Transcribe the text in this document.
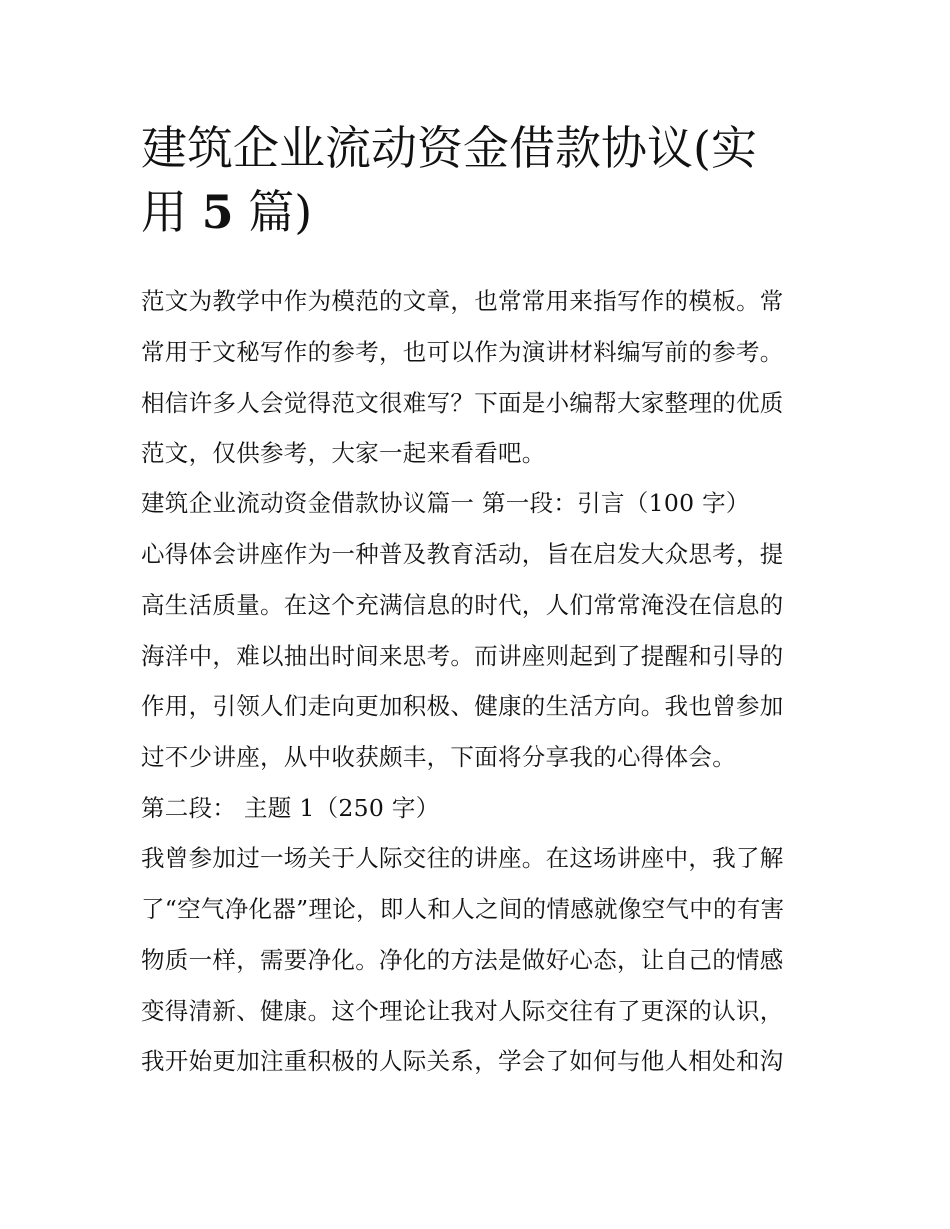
建筑企业流动资金借款协议(实
用 5 篇)
范文为教学中作为模范的文章，也常常用来指写作的模板。常
常用于文秘写作的参考，也可以作为演讲材料编写前的参考。
相信许多人会觉得范文很难写？下面是小编帮大家整理的优质
范文，仅供参考，大家一起来看看吧。
建筑企业流动资金借款协议篇一 第一段：引言（100 字）
心得体会讲座作为一种普及教育活动，旨在启发大众思考，提
高生活质量。在这个充满信息的时代，人们常常淹没在信息的
海洋中，难以抽出时间来思考。而讲座则起到了提醒和引导的
作用，引领人们走向更加积极、健康的生活方向。我也曾参加
过不少讲座，从中收获颇丰，下面将分享我的心得体会。
第二段： 主题 1（250 字）
我曾参加过一场关于人际交往的讲座。在这场讲座中，我了解
了“空气净化器”理论，即人和人之间的情感就像空气中的有害
物质一样，需要净化。净化的方法是做好心态，让自己的情感
变得清新、健康。这个理论让我对人际交往有了更深的认识，
我开始更加注重积极的人际关系，学会了如何与他人相处和沟
